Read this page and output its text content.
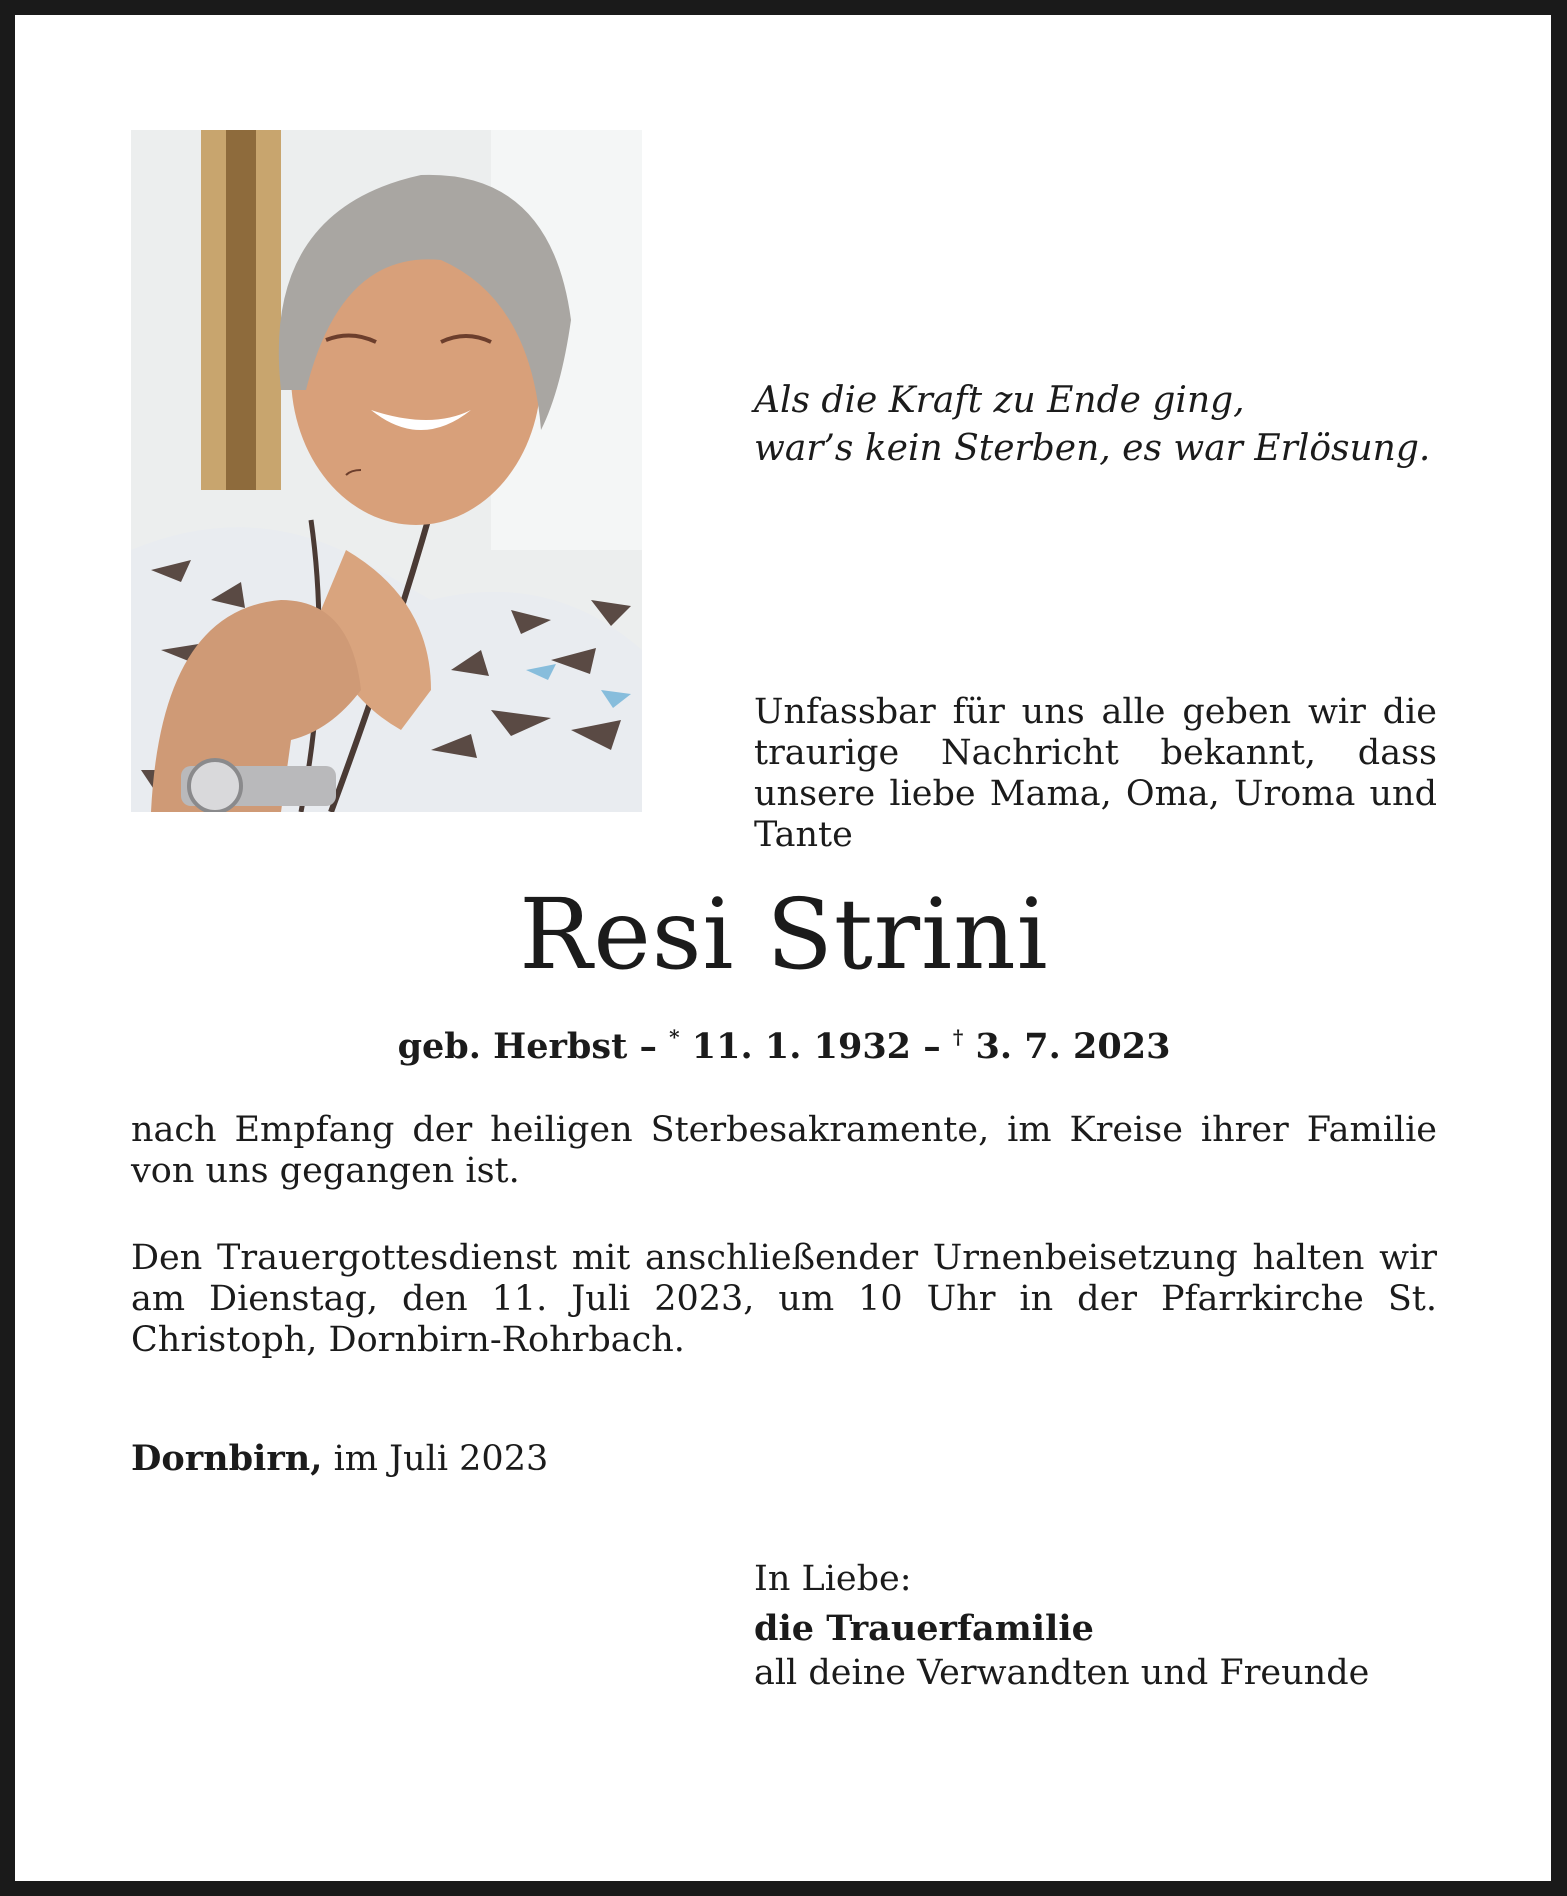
Als die Kraft zu Ende ging,
war’s kein Sterben, es war Erlösung.

Unfassbar für uns alle geben wir die traurige Nachricht bekannt, dass unsere liebe Mama, Oma, Uroma und Tante

Resi Strini
geb. Herbst – * 11. 1. 1932 – † 3. 7. 2023

nach Empfang der heiligen Sterbesakramente, im Kreise ihrer Familie von uns gegangen ist.

Den Trauergottesdienst mit anschließender Urnenbeisetzung halten wir am Dienstag, den 11. Juli 2023, um 10 Uhr in der Pfarrkirche St. Christoph, Dornbirn-Rohrbach.

Dornbirn, im Juli 2023
In Liebe:
die Trauerfamilie
all deine Verwandten und Freunde
